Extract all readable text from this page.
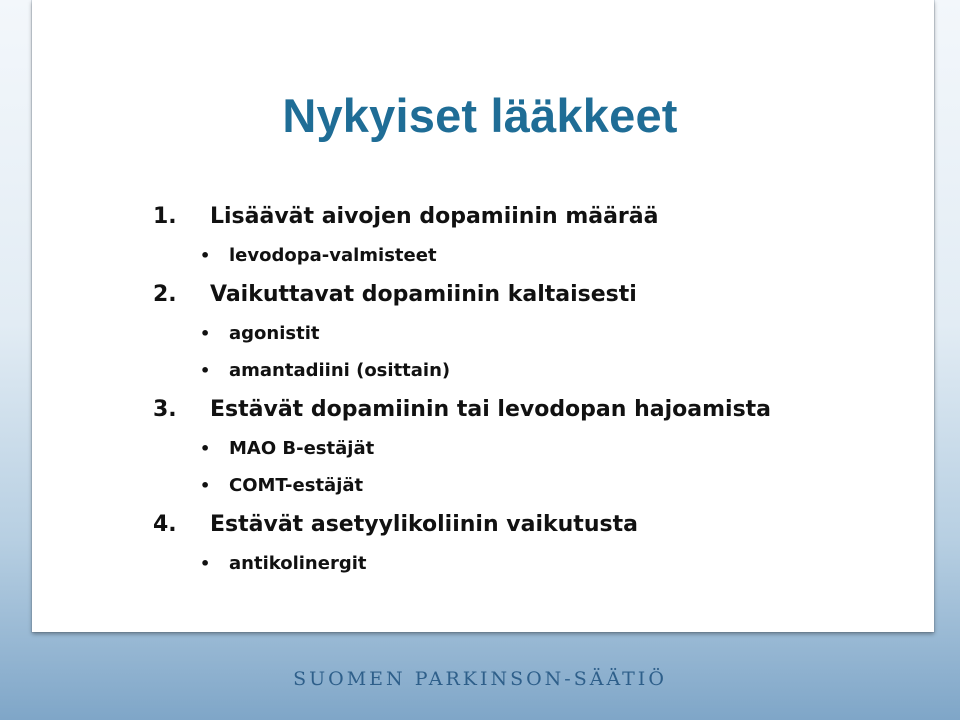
Nykyiset lääkkeet
1.	Lisäävät aivojen dopamiinin määrää
•	levodopa-valmisteet
2.	Vaikuttavat dopamiinin kaltaisesti
•	agonistit
•	amantadiini (osittain)
3.	Estävät dopamiinin tai levodopan hajoamista
•	MAO B-estäjät
•	COMT-estäjät
4.	Estävät asetyylikoliinin vaikutusta
•	antikolinergit
SUOMEN PARKINSON-SÄÄTIÖ
